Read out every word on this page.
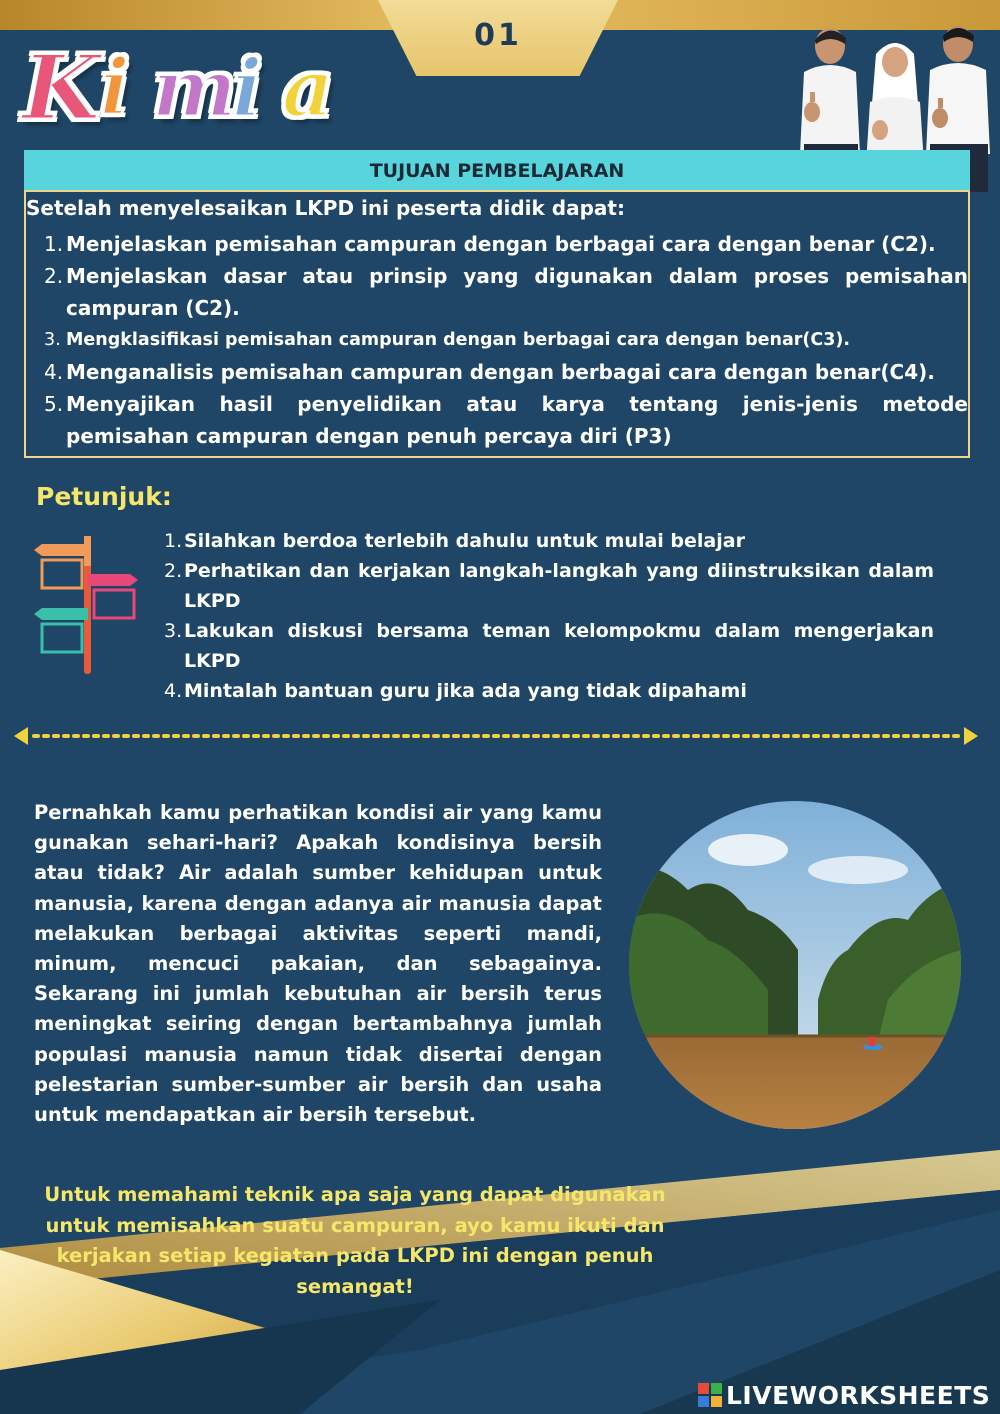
01
K i m
i a
TUJUAN PEMBELAJARAN
Setelah menyelesaikan LKPD ini peserta didik dapat:
1. Menjelaskan pemisahan campuran dengan berbagai cara dengan benar (C2).
2. Menjelaskan dasar atau prinsip yang digunakan dalam proses pemisahan campuran (C2).
3. Mengklasifikasi pemisahan campuran dengan berbagai cara dengan benar(C3).
4. Menganalisis pemisahan campuran dengan berbagai cara dengan benar(C4).
5. Menyajikan hasil penyelidikan atau karya tentang jenis-jenis metode pemisahan campuran dengan penuh percaya diri (P3)
Petunjuk:
1. Silahkan berdoa terlebih dahulu untuk mulai belajar
2. Perhatikan dan kerjakan langkah-langkah yang diinstruksikan dalam LKPD
3. Lakukan diskusi bersama teman kelompokmu dalam mengerjakan LKPD
4. Mintalah bantuan guru jika ada yang tidak dipahami

Pernahkah kamu perhatikan kondisi air yang kamu gunakan sehari-hari? Apakah kondisinya bersih atau tidak? Air adalah sumber kehidupan untuk manusia, karena dengan adanya air manusia dapat melakukan berbagai aktivitas seperti mandi, minum, mencuci pakaian, dan sebagainya. Sekarang ini jumlah kebutuhan air bersih terus meningkat seiring dengan bertambahnya jumlah populasi manusia namun tidak disertai dengan pelestarian sumber-sumber air bersih dan usaha untuk mendapatkan air bersih tersebut.

Untuk memahami teknik apa saja yang dapat digunakan untuk memisahkan suatu campuran, ayo kamu ikuti dan kerjakan setiap kegiatan pada LKPD ini dengan penuh semangat!

LIVEWORKSHEETS
